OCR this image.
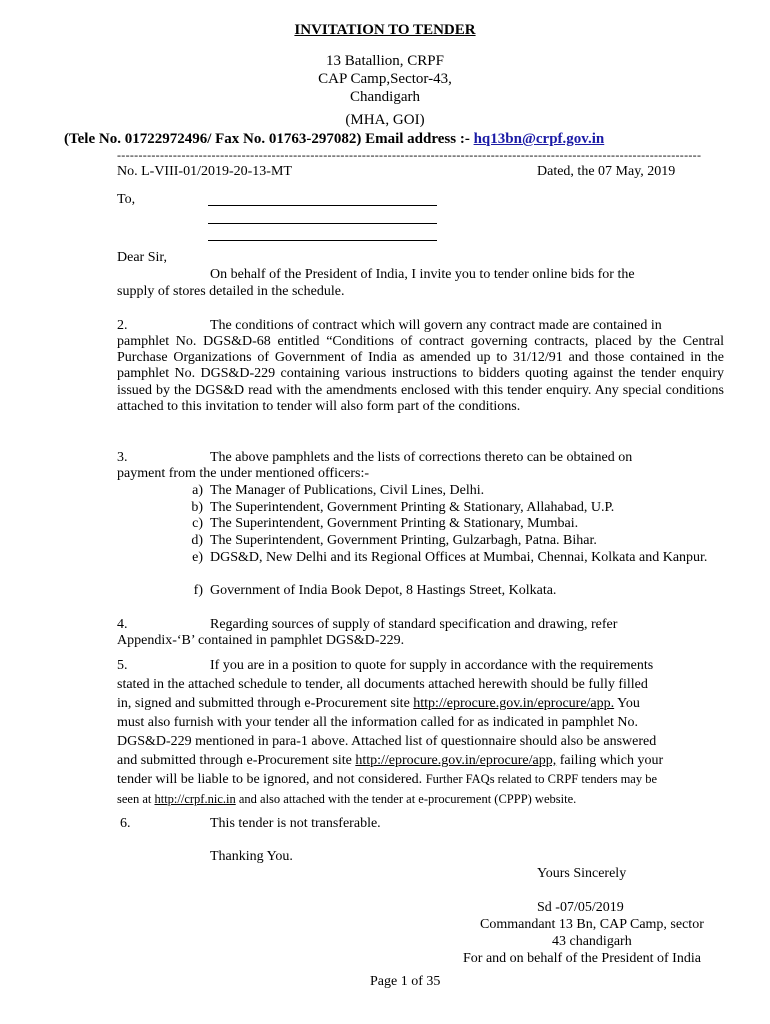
INVITATION TO TENDER

13 Batallion, CRPF

CAP Camp,Sector-43,

Chandigarh

(MHA, GOI)

(Tele No. 01722972496/ Fax No. 01763-297082) Email address :- hq13bn@crpf.gov.in

----------------------------------------------------------------------------------------------------------------------------------------

No. L-VIII-01/2019-20-13-MT	Dated, the 07 May, 2019

To,

Dear Sir,

On behalf of the President of India, I invite you to tender online bids for the

supply of stores detailed in the schedule.

2.	The conditions of contract which will govern any contract made are contained in

pamphlet No. DGS&D-68 entitled “Conditions of contract governing contracts, placed by the Central Purchase Organizations of Government of India as amended up to 31/12/91 and those contained in the pamphlet No. DGS&D-229 containing various instructions to bidders quoting against the tender enquiry issued by the DGS&D read with the amendments enclosed with this tender enquiry. Any special conditions attached to this invitation to tender will also form part of the conditions.

3.	The above pamphlets and the lists of corrections thereto can be obtained on

payment from the under mentioned officers:-

a) The Manager of Publications, Civil Lines, Delhi.

b) The Superintendent, Government Printing & Stationary, Allahabad, U.P.

c) The Superintendent, Government Printing & Stationary, Mumbai.

d) The Superintendent, Government Printing, Gulzarbagh, Patna. Bihar.

e) DGS&D, New Delhi and its Regional Offices at Mumbai, Chennai, Kolkata and Kanpur.

f) Government of India Book Depot, 8 Hastings Street, Kolkata.

4.	Regarding sources of supply of standard specification and drawing, refer

Appendix-‘B’ contained in pamphlet DGS&D-229.

5.	If you are in a position to quote for supply in accordance with the requirements

stated in the attached schedule to tender, all documents attached herewith should be fully filled

in, signed and submitted through e-Procurement site http://eprocure.gov.in/eprocure/app. You

must also furnish with your tender all the information called for as indicated in pamphlet No.

DGS&D-229 mentioned in para-1 above. Attached list of questionnaire should also be answered

and submitted through e-Procurement site http://eprocure.gov.in/eprocure/app, failing which your

tender will be liable to be ignored, and not considered. Further FAQs related to CRPF tenders may be

seen at http://crpf.nic.in and also attached with the tender at e-procurement (CPPP) website.

6.	This tender is not transferable.

Thanking You.

Yours Sincerely

Sd -07/05/2019

Commandant 13 Bn, CAP Camp, sector

43 chandigarh

For and on behalf of the President of India

Page 1 of 35
